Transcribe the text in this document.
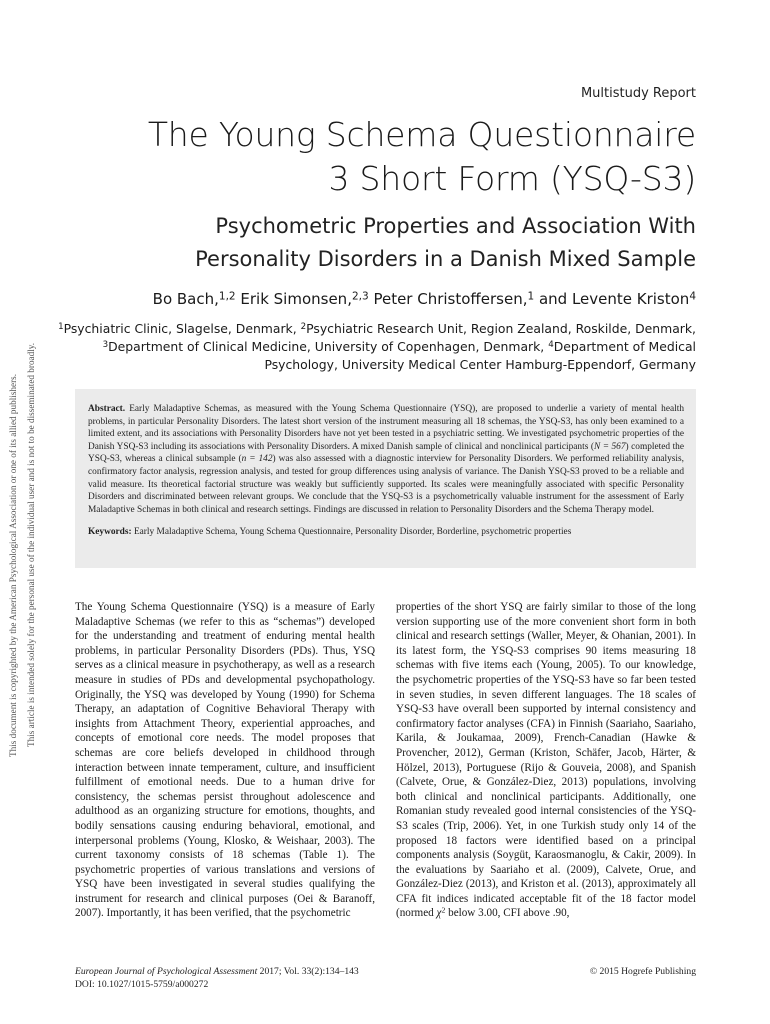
This document is copyrighted by the American Psychological Association or one of its allied publishers. This article is intended solely for the personal use of the individual user and is not to be disseminated broadly.
Multistudy Report
The Young Schema Questionnaire
3 Short Form (YSQ-S3)
Psychometric Properties and Association With
Personality Disorders in a Danish Mixed Sample
Bo Bach,$^{1,2}$ Erik Simonsen,$^{2,3}$ Peter Christoffersen,$^1$ and Levente Kriston$^4$
$^1$Psychiatric Clinic, Slagelse, Denmark, $^2$Psychiatric Research Unit, Region Zealand, Roskilde, Denmark,
$^3$Department of Clinical Medicine, University of Copenhagen, Denmark, $^4$Department of Medical
Psychology, University Medical Center Hamburg-Eppendorf, Germany

Abstract. Early Maladaptive Schemas, as measured with the Young Schema Questionnaire (YSQ), are proposed to underlie a variety of mental health problems, in particular Personality Disorders. The latest short version of the instrument measuring all 18 schemas, the YSQ-S3, has only been examined to a limited extent, and its associations with Personality Disorders have not yet been tested in a psychiatric setting. We investigated psychometric properties of the Danish YSQ-S3 including its associations with Personality Disorders. A mixed Danish sample of clinical and nonclinical participants (N = 567) completed the YSQ-S3, whereas a clinical subsample (n = 142) was also assessed with a diagnostic interview for Personality Disorders. We performed reliability analysis, confirmatory factor analysis, regression analysis, and tested for group differences using analysis of variance. The Danish YSQ-S3 proved to be a reliable and valid measure. Its theoretical factorial structure was weakly but sufficiently supported. Its scales were meaningfully associated with specific Personality Disorders and discriminated between relevant groups. We conclude that the YSQ-S3 is a psychometrically valuable instrument for the assessment of Early Maladaptive Schemas in both clinical and research settings. Findings are discussed in relation to Personality Disorders and the Schema Therapy model.

Keywords: Early Maladaptive Schema, Young Schema Questionnaire, Personality Disorder, Borderline, psychometric properties

The Young Schema Questionnaire (YSQ) is a measure of Early Maladaptive Schemas (we refer to this as “schemas”) developed for the understanding and treatment of enduring mental health problems, in particular Personality Disorders (PDs). Thus, YSQ serves as a clinical measure in psychotherapy, as well as a research measure in studies of PDs and developmental psychopathology. Originally, the YSQ was developed by Young (1990) for Schema Therapy, an adaptation of Cognitive Behavioral Therapy with insights from Attachment Theory, experiential approaches, and concepts of emotional core needs. The model proposes that schemas are core beliefs developed in childhood through interaction between innate temperament, culture, and insufficient fulfillment of emotional needs. Due to a human drive for consistency, the schemas persist throughout adolescence and adulthood as an organizing structure for emotions, thoughts, and bodily sensations causing enduring behavioral, emotional, and interpersonal problems (Young, Klosko, & Weishaar, 2003). The current taxonomy consists of 18 schemas (Table 1). The psychometric properties of various translations and versions of YSQ have been investigated in several studies qualifying the instrument for research and clinical purposes (Oei & Baranoff, 2007). Importantly, it has been verified, that the psychometric

properties of the short YSQ are fairly similar to those of the long version supporting use of the more convenient short form in both clinical and research settings (Waller, Meyer, & Ohanian, 2001). In its latest form, the YSQ-S3 comprises 90 items measuring 18 schemas with five items each (Young, 2005). To our knowledge, the psychometric properties of the YSQ-S3 have so far been tested in seven studies, in seven different languages. The 18 scales of YSQ-S3 have overall been supported by internal consistency and confirmatory factor analyses (CFA) in Finnish (Saariaho, Saariaho, Karila, & Joukamaa, 2009), French-Canadian (Hawke & Provencher, 2012), German (Kriston, Schäfer, Jacob, Härter, & Hölzel, 2013), Portuguese (Rijo & Gouveia, 2008), and Spanish (Calvete, Orue, & González-Diez, 2013) populations, involving both clinical and nonclinical participants. Additionally, one Romanian study revealed good internal consistencies of the YSQ-S3 scales (Trip, 2006). Yet, in one Turkish study only 14 of the proposed 18 factors were identified based on a principal components analysis (Soygüt, Karaosmanoglu, & Cakir, 2009). In the evaluations by Saariaho et al. (2009), Calvete, Orue, and González-Diez (2013), and Kriston et al. (2013), approximately all CFA fit indices indicated acceptable fit of the 18 factor model (normed $\chi^2$ below 3.00, CFI above .90,

European Journal of Psychological Assessment 2017; Vol. 33(2):134–143
DOI: 10.1027/1015-5759/a000272
© 2015 Hogrefe Publishing
